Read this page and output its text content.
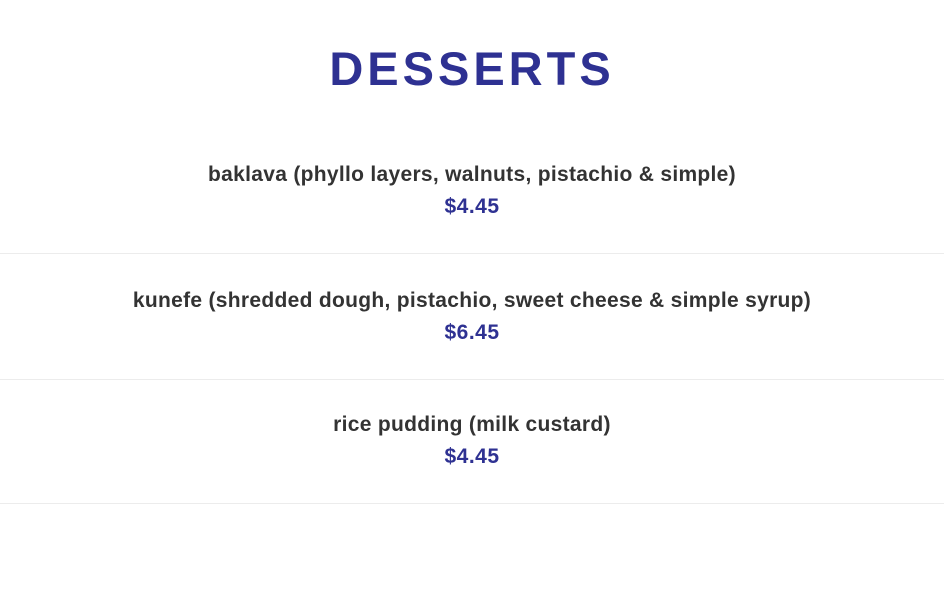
DESSERTS
baklava (phyllo layers, walnuts, pistachio & simple)
$4.45
kunefe (shredded dough, pistachio, sweet cheese & simple syrup)
$6.45
rice pudding (milk custard)
$4.45
